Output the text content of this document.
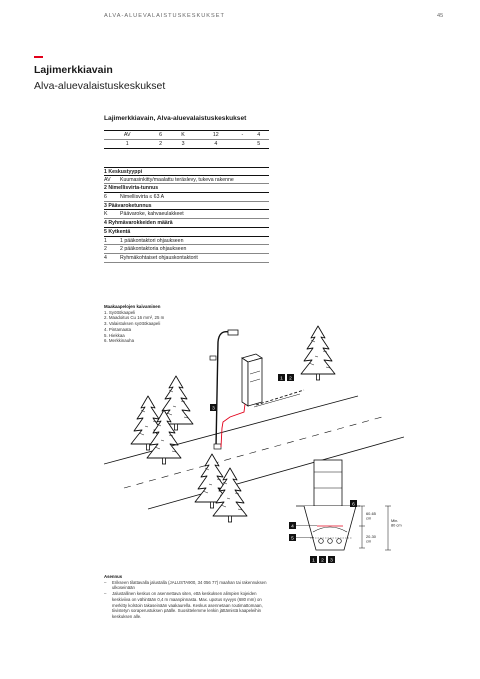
ALVA-ALUEVALAISTUSKESKUKSET	45
Lajimerkkiavain
Alva-aluevalaistuskeskukset
Lajimerkkiavain, Alva-aluevalaistuskeskukset
AV	6	K	12	-	4
1	2	3	4		5
1 Keskustyyppi
AV	Kuumasinkitty/maalattu teräslevy, tukeva rakenne
2 Nimellisvirta-tunnus
6	Nimellisvirta ≤ 63 A
3 Päävaroketunnus
K	Päävaroke, kahvaeulakkeet
4 Ryhmävarokkeiden määrä
5 Kytkentä
1	1 pääkontaktori ohjaukseen
2	2 pääkontaktoria ohjaukseen
4	Ryhmäkohtaiset ohjauskontaktorit
Maakaapelojen kaivaminen
1. Syöttökaapeli
2. Maadoitus Cu 16 mm², 25 m
3. Valaistuksen syöttökaapeli
4. Pintamaata
5. Hiekkaa
6. Merkkinauha
3
1 2
60-65 cm
20-30 cm
Min. 80 cm
6
4
5
1 2 3
Asennus
–	Erikseen tilattavalla jalustalla (JALUSTA900, 34 056 77) maahan tai rakennuksen ulkoseinään
–	Jalustallinen keskus on asennettava siten, että keskuksen alimpien kojeiden keskiviiva on vähintään 0,4 m maanpinnasta. Max. upotus syvyys (680 mm) on merkitty kolstoin takaseinään vaakaurella. Keskus asennetaan routimattomaan, tiivistetyn soraperustuksen päälle. Suosittelemme lenkin jättämistä kaapeleihin keskuksen alle.
